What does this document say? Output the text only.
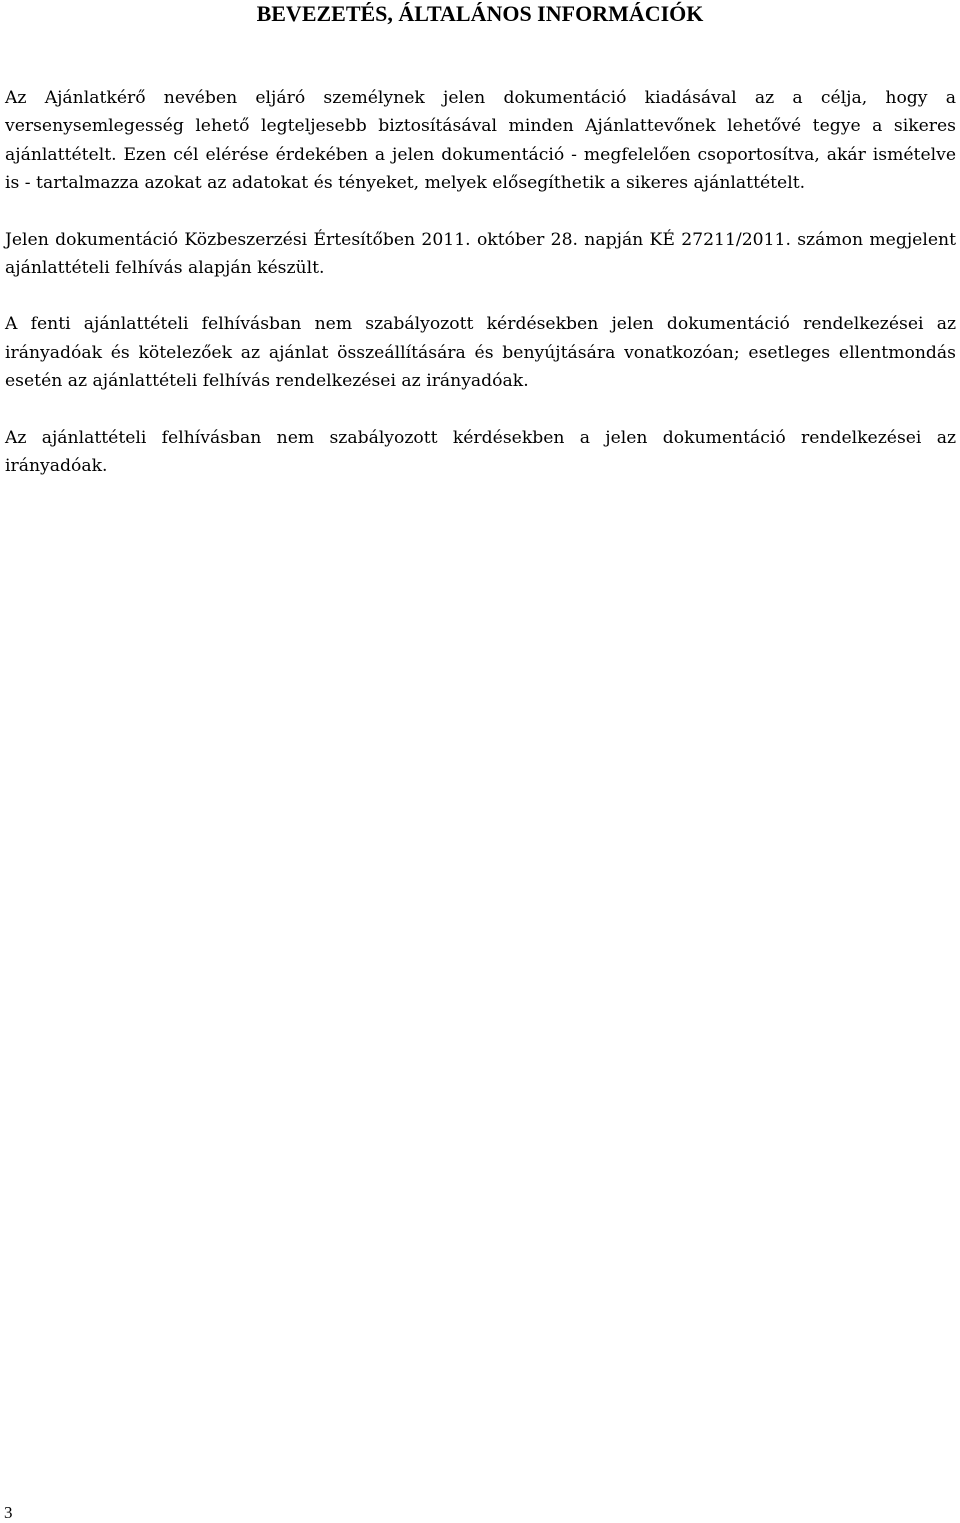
BEVEZETÉS, ÁLTALÁNOS INFORMÁCIÓK

Az Ajánlatkérő nevében eljáró személynek jelen dokumentáció kiadásával az a célja, hogy a versenysemlegesség lehető legteljesebb biztosításával minden Ajánlattevőnek lehetővé tegye a sikeres ajánlattételt. Ezen cél elérése érdekében a jelen dokumentáció - megfelelően csoportosítva, akár ismételve is - tartalmazza azokat az adatokat és tényeket, melyek elősegíthetik a sikeres ajánlattételt.

Jelen dokumentáció Közbeszerzési Értesítőben 2011. október 28. napján KÉ 27211/2011. számon megjelent ajánlattételi felhívás alapján készült.

A fenti ajánlattételi felhívásban nem szabályozott kérdésekben jelen dokumentáció rendelkezései az irányadóak és kötelezőek az ajánlat összeállítására és benyújtására vonatkozóan; esetleges ellentmondás esetén az ajánlattételi felhívás rendelkezései az irányadóak.

Az ajánlattételi felhívásban nem szabályozott kérdésekben a jelen dokumentáció rendelkezései az irányadóak.

3
